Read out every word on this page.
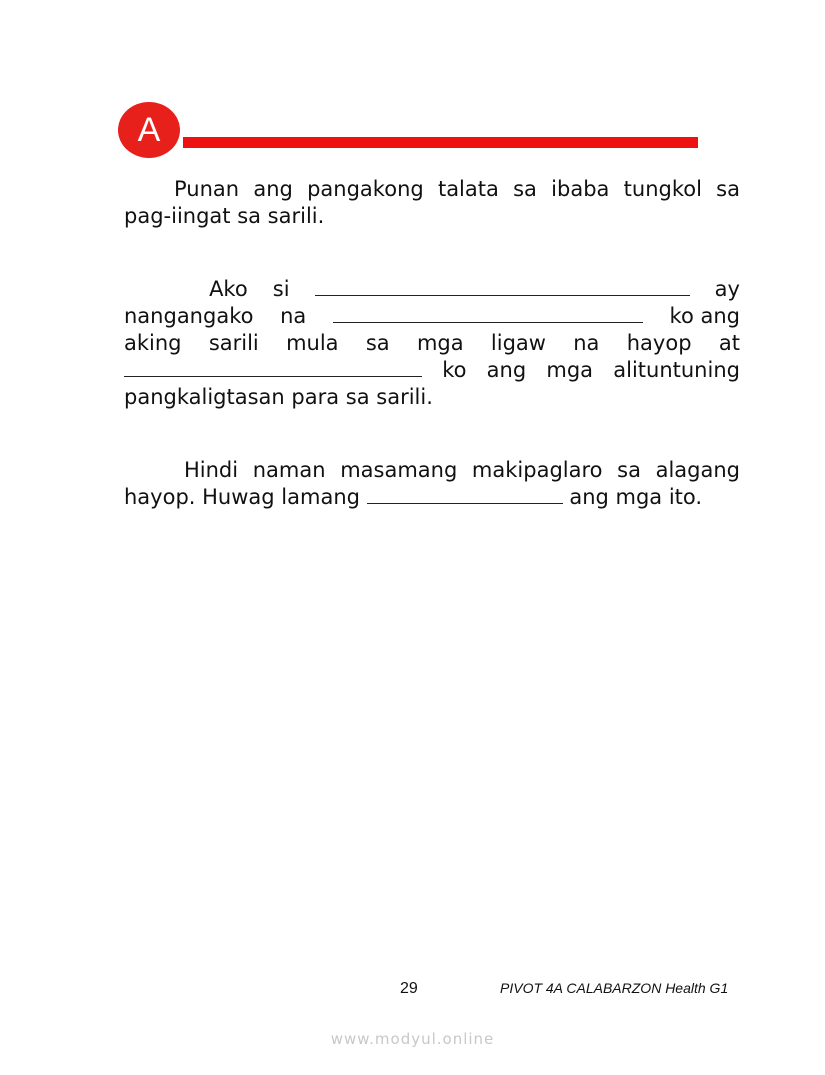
A
Punan ang pangakong talata sa ibaba tungkol sa
pag-iingat sa sarili.
Ako si	ay
nangangako na	ko ang
aking sarili mula sa mga ligaw na hayop at
ko ang mga alituntuning
pangkaligtasan para sa sarili.
Hindi naman masamang makipaglaro sa alagang
hayop. Huwag lamang	ang mga ito.
29	PIVOT 4A CALABARZON Health G1
www.modyul.online
